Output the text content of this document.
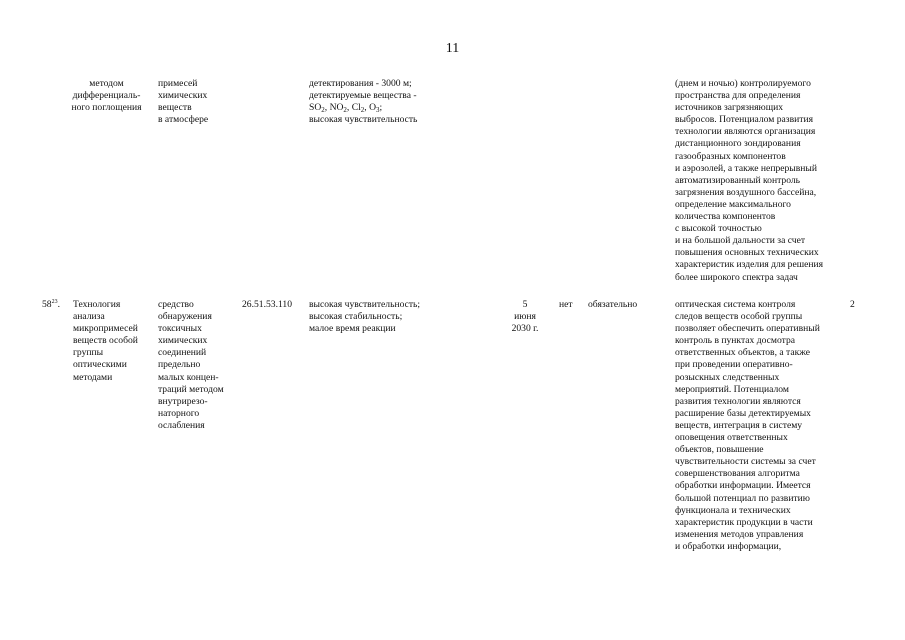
11
методом
дифференциаль-
ного поглощения
примесей
химических
веществ
в атмосфере
детектирования - 3000 м;
детектируемые вещества -
$SO_2$, $NO_2$, $Cl_2$, $O_3$;
высокая чувствительность
(днем и ночью) контролируемого
пространства для определения
источников загрязняющих
выбросов. Потенциалом развития
технологии являются организация
дистанционного зондирования
газообразных компонентов
и аэрозолей, а также непрерывный
автоматизированный контроль
загрязнения воздушного бассейна,
определение максимального
количества компонентов
с высокой точностью
и на большой дальности за счет
повышения основных технических
характеристик изделия для решения
более широкого спектра задач
$58^{23}$. Технология
анализа
микропримесей
веществ особой
группы
оптическими
методами
средство
обнаружения
токсичных
химических
соединений
предельно
малых концен-
траций методом
внутрирезо-
наторного
ослабления
26.51.53.110 высокая чувствительность;
высокая стабильность;
малое время реакции
5
июня
2030 г.
нет обязательно	оптическая система контроля
следов веществ особой группы
позволяет обеспечить оперативный
контроль в пунктах досмотра
ответственных объектов, а также
при проведении оперативно-
розыскных следственных
мероприятий. Потенциалом
развития технологии являются
расширение базы детектируемых
веществ, интеграция в систему
оповещения ответственных
объектов, повышение
чувствительности системы за счет
совершенствования алгоритма
обработки информации. Имеется
большой потенциал по развитию
функционала и технических
характеристик продукции в части
изменения методов управления
и обработки информации,
2
